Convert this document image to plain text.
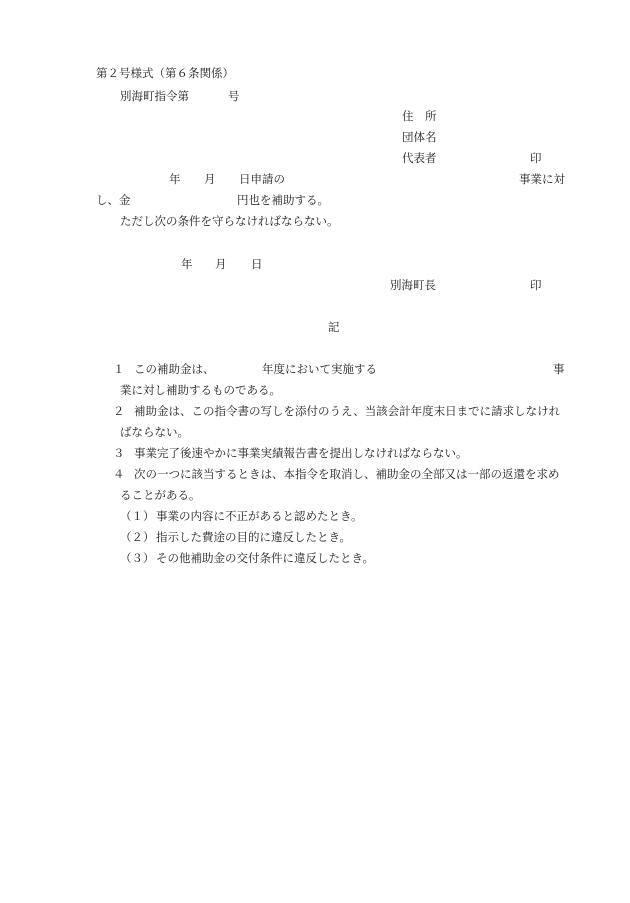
第２号様式（第６条関係）
別海町指令第	号
住　所
団体名
代表者	印
年 月 日申請の	事業に対
し、金	円也を補助する。
ただし次の条件を守らなければならない。
年 月 日
別海町長	印
記
１ この補助金は、	年度において実施する	事
業に対し補助するものである。
２ 補助金は、この指令書の写しを添付のうえ、当該会計年度末日までに請求しなけれ
ばならない。
３ 事業完了後速やかに事業実績報告書を提出しなければならない。
４ 次の一つに該当するときは、本指令を取消し、補助金の全部又は一部の返還を求め
ることがある。
（１） 事業の内容に不正があると認めたとき。
（２） 指示した費途の目的に違反したとき。
（３） その他補助金の交付条件に違反したとき。
